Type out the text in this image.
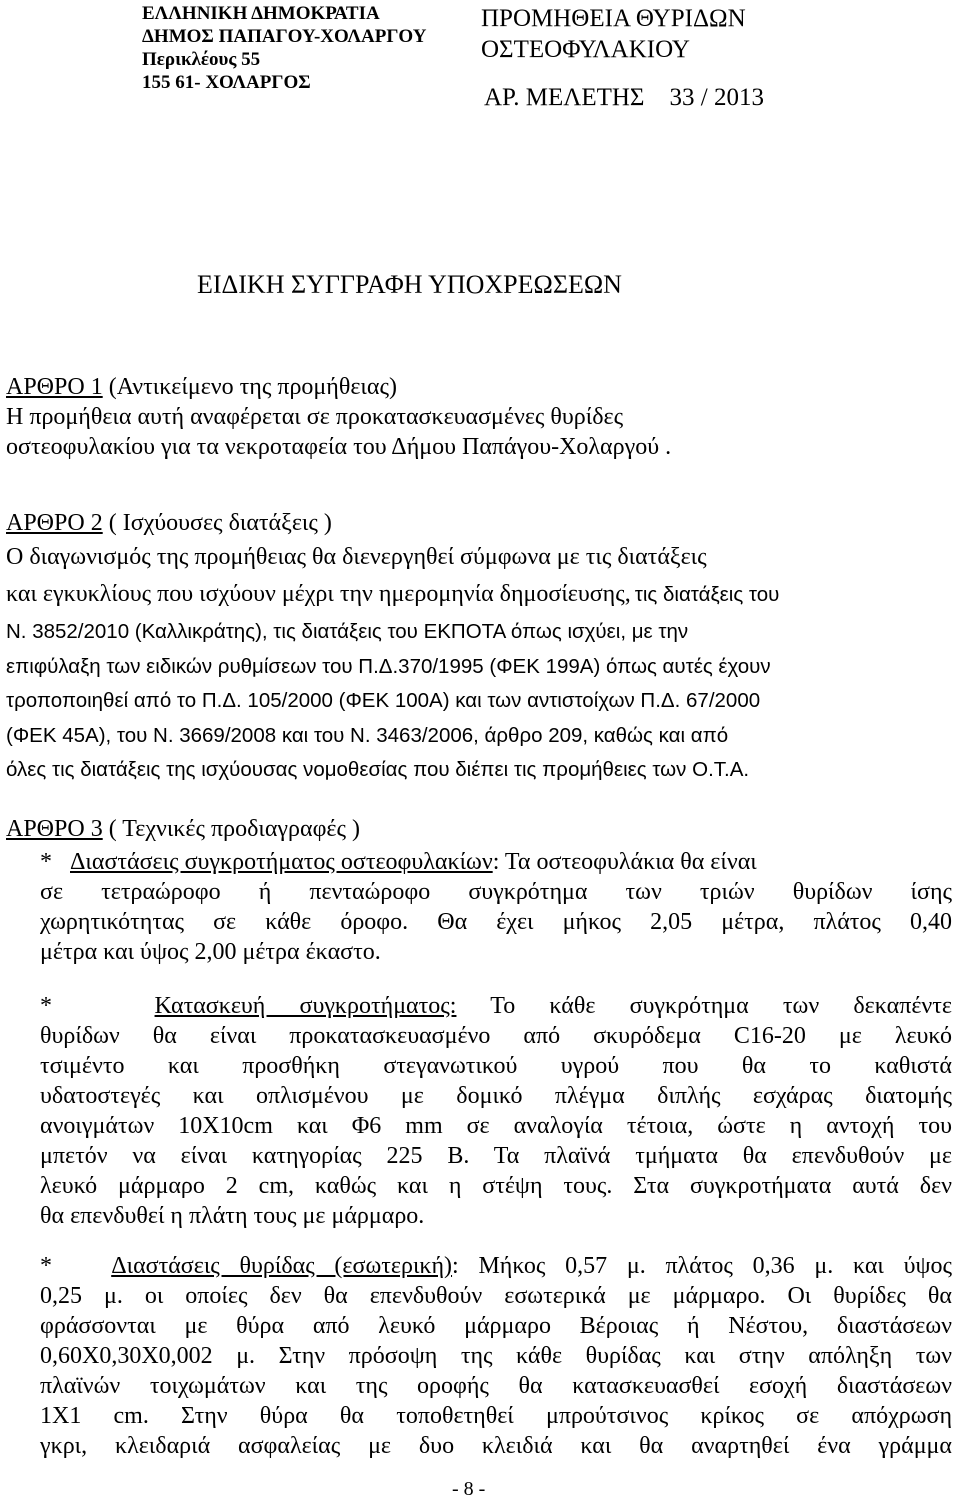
ΕΛΛΗΝΙΚΗ ΔΗΜΟΚΡΑΤΙΑ
ΔΗΜΟΣ ΠΑΠΑΓΟΥ-ΧΟΛΑΡΓΟΥ
Περικλέους 55
155 61- ΧΟΛΑΡΓΟΣ
ΠΡΟΜΗΘΕΙΑ ΘΥΡΙΔΩΝ
ΟΣΤΕΟΦΥΛΑΚΙΟΥ
ΑΡ. ΜΕΛΕΤΗΣ 33 / 2013
ΕΙΔΙΚΗ ΣΥΓΓΡΑΦΗ ΥΠΟΧΡΕΩΣΕΩΝ
ΑΡΘΡΟ 1 (Αντικείμενο της προμήθειας)
Η προμήθεια αυτή αναφέρεται σε προκατασκευασμένες θυρίδες
οστεοφυλακίου για τα νεκροταφεία του Δήμου Παπάγου-Χολαργού .
ΑΡΘΡΟ 2 ( Ισχύουσες διατάξεις )
Ο διαγωνισμός της προμήθειας θα διενεργηθεί σύμφωνα με τις διατάξεις
και εγκυκλίους που ισχύουν μέχρι την ημερομηνία δημοσίευσης, τις διατάξεις του
Ν. 3852/2010 (Καλλικράτης), τις διατάξεις του ΕΚΠΟΤΑ όπως ισχύει, με την
επιφύλαξη των ειδικών ρυθμίσεων του Π.Δ.370/1995 (ΦΕΚ 199Α) όπως αυτές έχουν
τροποποιηθεί από το Π.Δ. 105/2000 (ΦΕΚ 100Α) και των αντιστοίχων Π.Δ. 67/2000
(ΦΕΚ 45Α), του Ν. 3669/2008 και του Ν. 3463/2006, άρθρο 209, καθώς και από
όλες τις διατάξεις της ισχύουσας νομοθεσίας που διέπει τις προμήθειες των Ο.Τ.Α.
ΑΡΘΡΟ 3 ( Τεχνικές προδιαγραφές )
* Διαστάσεις συγκροτήματος οστεοφυλακίων: Τα οστεοφυλάκια θα είναι
σε τετραώροφο ή πενταώροφο συγκρότημα των τριών θυρίδων ίσης
χωρητικότητας σε κάθε όροφο. Θα έχει μήκος 2,05 μέτρα, πλάτος 0,40
μέτρα και ύψος 2,00 μέτρα έκαστο.
*	Κατασκευή συγκροτήματος: Το κάθε συγκρότημα των δεκαπέντε
θυρίδων θα είναι προκατασκευασμένο από σκυρόδεμα C16-20 με λευκό
τσιμέντο και προσθήκη στεγανωτικού υγρού που θα το καθιστά
υδατοστεγές και οπλισμένου με δομικό πλέγμα διπλής εσχάρας διατομής
ανοιγμάτων 10Χ10cm και Φ6 mm σε αναλογία τέτοια, ώστε η αντοχή του
μπετόν να είναι κατηγορίας 225 Β. Τα πλαϊνά τμήματα θα επενδυθούν με
λευκό μάρμαρο 2 cm, καθώς και η στέψη τους. Στα συγκροτήματα αυτά δεν
θα επενδυθεί η πλάτη τους με μάρμαρο.
* Διαστάσεις θυρίδας (εσωτερική): Μήκος 0,57 μ. πλάτος 0,36 μ. και ύψος
0,25 μ. οι οποίες δεν θα επενδυθούν εσωτερικά με μάρμαρο. Οι θυρίδες θα
φράσσονται με θύρα από λευκό μάρμαρο Βέροιας ή Νέστου, διαστάσεων
0,60Χ0,30Χ0,002 μ. Στην πρόσοψη της κάθε θυρίδας και στην απόληξη των
πλαϊνών τοιχωμάτων και της οροφής θα κατασκευασθεί εσοχή διαστάσεων
1Χ1 cm. Στην θύρα θα τοποθετηθεί μπρούτσινος κρίκος σε απόχρωση
γκρι, κλειδαριά ασφαλείας με δυο κλειδιά και θα αναρτηθεί ένα γράμμα
- 8 -
